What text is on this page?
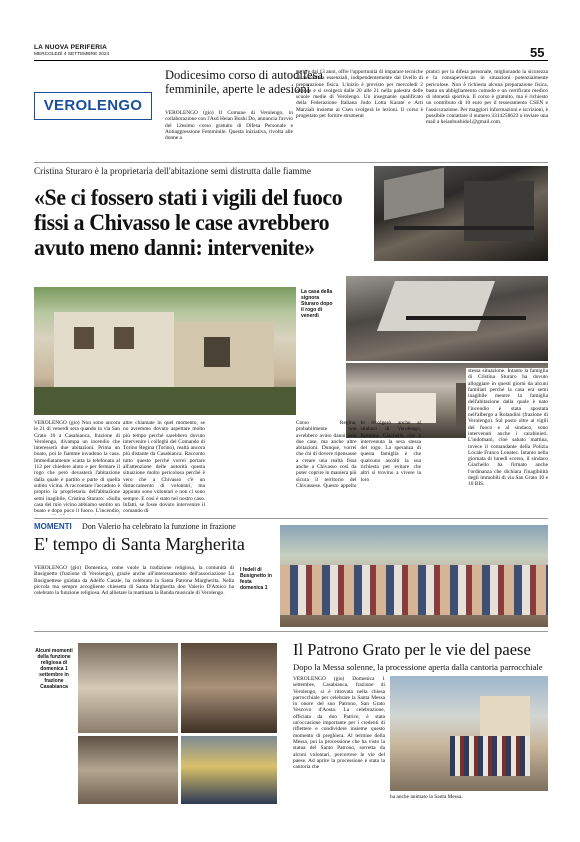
LA NUOVA PERIFERIA
MERCOLEDÌ 4 SETTEMBRE 2024	55
VEROLENGO
Dodicesimo corso di autodifesa femminile, aperte le adesioni
VEROLENGO (gio) Il Comune di Verolengo, in collaborazione con l'Asd Heian Bushi Do, annuncia l'avvio del 12esimo corso gratuito di Difesa Personale e Antiaggressione Femminile. Questa iniziativa, rivolta alle donne a
partire dai 13 anni, offre l'opportunità di imparare tecniche di autodifesa essenziali, indipendentemente dal livello di preparazione fisica. L'inizio è previsto per mercoledì 2 ottobre e si svolgerà dalle 20 alle 21 nella palestra delle scuole medie di Verolengo. Un insegnante qualificato della Federazione Italiana Judo Lotta Karate e Arti Marziali insieme ai Csen svolgerà le lezioni. Il corso è progettato per fornire strumenti
pratici per la difesa personale, migliorando la sicurezza e la consapevolezza in situazioni potenzialmente pericolose. Non è richiesta alcuna preparazione fisica, basta un abbigliamento comodo e un certificato medico di idoneità sportiva. Il corso è gratuito, ma è richiesto un contributo di 10 euro per il tesseramento CSEN e l'assicurazione. Per maggiori informazioni e iscrizioni, è possibile contattare il numero 3314258623 o inviare una mail a heianbushido1@gmail.com.
Cristina Sturaro è la proprietaria dell'abitazione semi distrutta dalle fiamme
«Se ci fossero stati i vigili del fuoco fissi a Chivasso le case avrebbero avuto meno danni: intervenite»
La casa della signora Sturaro dopo il rogo di venerdì
VEROLENGO (gio) Non sono ancora le 21 di venerdì sera quando in via San Grato 10 a Casabianca, frazione di Verolengo, divampa un incendio che interesserà due abitazioni. Prima un boato, poi le fiamme invadono la casa. Immediatamente scatta la telefonata al 112 per chiedere aiuto e per fermare il rogo che però devasterà l'abitazione dalla quale è partito e parte di quella subito vicina. A raccontare l'accaduto è proprio la proprietaria dell'abitazione semi inagibile, Cristina Sturaro: «Sulla casa del mio vicino abbiamo sentito un boato e dopo poco il fuoco. L'incendio,
altre chiamate in quel momento, se no avremmo dovuto aspettare molto più tempo perché sarebbero dovuto intervenire i colleghi del Comando di Torino Regina (Torino), realtà ancora più distante da Casabianca. Racconto tutto questo perché vorrei portare all'attenzione delle autorità questa situazione molto pericolosa perché è vero che a Chivasso c'è un distaccamento di volontari, ma appunto sono volontari e non ci sono sempre. E così è stato nel nostro caso. Infatti, se fosse dovuto intervenire il comando di
Corso Regina, probabilmente non avrebbero avuto danni solo due case, ma anche altre abitazioni. Dunque, vorrei che chi di dovere ripensasse a creare una realtà fissa anche a Chivasso così da poter coprire in maniera più sicura il territorio del Chivassese. Questo appello lo rivolgerò anche al sindaco di Verolengo, Rosanna Giachello che è intervenuta la sera stessa del rogo. La speranza di questa famiglia è che qualcuno ascolti la sua richiesta per evitare che altri si trovino a vivere la loro
stessa situazione. Intanto la famiglia di Cristina Sturaro ha dovuto alloggiare in questi giorni da alcuni familiari perché la casa era semi inagibile mentre la famiglia dell'abitazione dalla quale è nato l'incendio è stata spostata nell'albergo a Rolandini (frazione di Verolengo). Sul posto oltre ai vigili del fuoco e al sindaco, sono intervenuti anche i carabinieri. L'indomani, cioè sabato mattina, invece il comandante della Polizia Locale Franco Lonatec. Intanto nella giornata di lunedì scorso, il sindaco Giachello ha firmato anche l'ordinanza che dichiara l'inagibilità degli immobili di via San Grato 10 e 10 BIS.
MOMENTI Don Valerio ha celebrato la funzione in frazione
E' tempo di Santa Margherita
VEROLENGO (gio) Domenica, come vuole la tradizione religiosa, la comunità di Busignetto (frazione di Verolengo), grazie anche all'interessamento dell'associazione La Busignettese guidata da Adelfo Casale, ha celebrato la Santa Patrona Margherita. Nella piccola ma sempre accogliente chiesetta di Santa Margherita don Valerio D'Amico ha celebrato la funzione religiosa. Ad allietare la mattinata la Banda musicale di Verolengo.
I fedeli di Busignetto in festa domenica 1
Alcuni momenti della funzione religiosa di domenica 1 settembre in frazione Casabianca
Il Patrono Grato per le vie del paese
Dopo la Messa solenne, la processione aperta dalla cantoria parrocchiale
VEROLENGO (gio) Domenica 1 settembre, Casabianca, frazione di Verolengo, si è ritrovata nella chiesa parrocchiale per celebrare la Santa Messa in onore del suo Patrono, San Grato Vescovo d'Aosta. La celebrazione, officiata da don Patrice, è stata un'occasione importante per i credenti di riflettere e condividere insieme questo momento di preghiera. Al termine della Messa, poi la processione che ha visto la statua del Santo Patrono, sorretta da alcuni volontari, percorrere le vie del paese. Ad aprire la processione è stata la cantoria che
ha anche animato la Santa Messa.
